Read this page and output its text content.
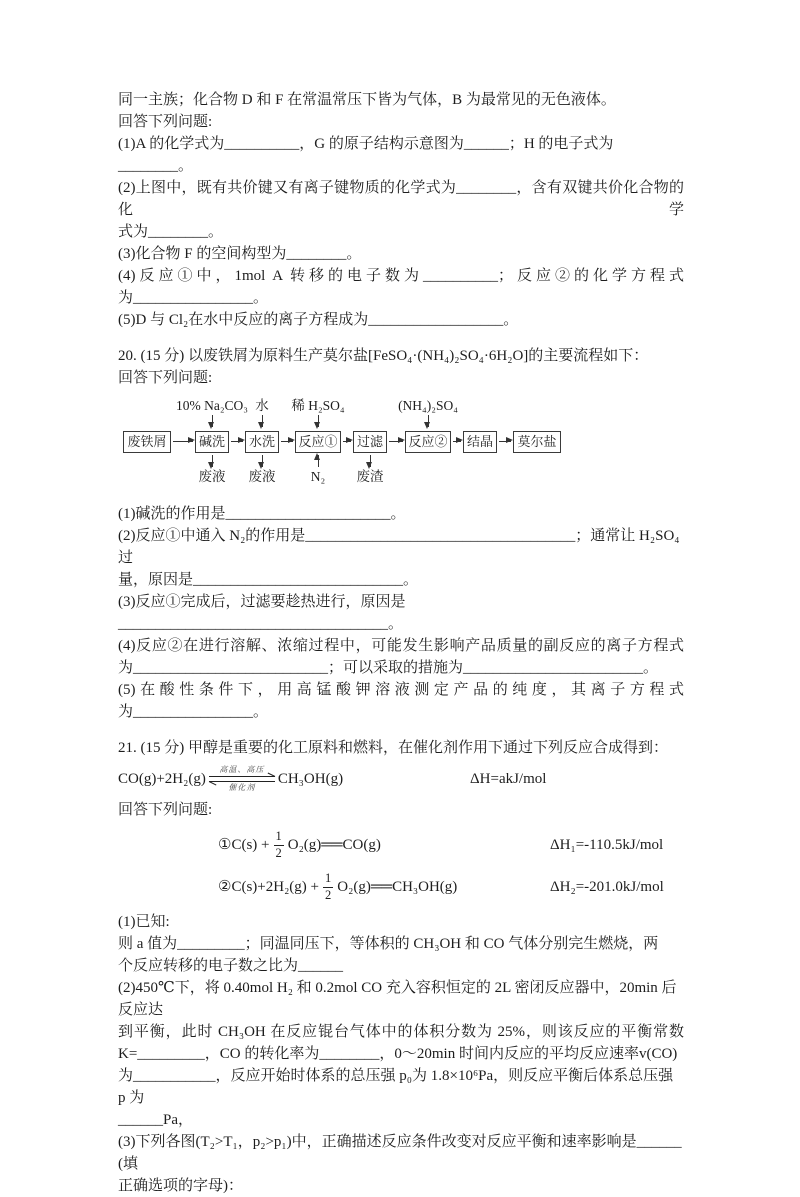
同一主族；化合物 D 和 F 在常温常压下皆为气体，B 为最常见的无色液体。

回答下列问题:

(1)A 的化学式为__________，G 的原子结构示意图为______；H 的电子式为________。

(2)上图中，既有共价键又有离子键物质的化学式为________，含有双键共价化合物的化学

式为________。

(3)化合物 F 的空间构型为________。

(4)反应①中，1mol A 转移的电子数为__________；反应②的化学方程式

为________________。

(5)D 与 Cl₂在水中反应的离子方程成为__________________。

20. (15 分) 以废铁屑为原料生产莫尔盐[FeSO₄·(NH₄)₂SO₄·6H₂O]的主要流程如下：

回答下列问题:

10% Na₂CO₃ 水 稀 H₂SO₄	(NH₄)₂SO₄
废铁屑	碱洗	水洗	反应①	过滤	反应②	结晶	莫尔盐
废液 废液	N₂ 废渣

(1)碱洗的作用是______________________。

(2)反应①中通入 N₂的作用是____________________________________；通常让 H₂SO₄过

量，原因是____________________________。

(3)反应①完成后，过滤要趁热进行，原因是____________________________________。

(4)反应②在进行溶解、浓缩过程中，可能发生影响产品质量的副反应的离子方程式

为__________________________；可以采取的措施为________________________。

(5)在酸性条件下，用高锰酸钾溶液测定产品的纯度，其离子方程式

为________________。

21. (15 分) 甲醇是重要的化工原料和燃料，在催化剂作用下通过下列反应合成得到：

CO(g)+2H₂(g)
高温、高压
催化剂
CH₃OH(g)	ΔH=akJ/mol

回答下列问题:

①C(s) + $\frac{1}{2}$ O₂(g)══CO(g)	ΔH₁=-110.5kJ/mol
②C(s)+2H₂(g) + $\frac{1}{2}$ O₂(g)══CH₃OH(g)	ΔH₂=-201.0kJ/mol

(1)已知:

则 a 值为_________；同温同压下，等体积的 CH₃OH 和 CO 气体分别完生燃烧，两

个反应转移的电子数之比为______

(2)450℃下，将 0.40mol H₂ 和 0.2mol CO 充入容积恒定的 2L 密闭反应器中，20min 后反应达

到平衡，此时 CH₃OH 在反应锟台气体中的体积分数为 25%，则该反应的平衡常数

K=_________，CO 的转化率为________，0～20min 时间内反应的平均反应速率v(CO)

为___________，反应开始时体系的总压强 p₀为 1.8×10⁶Pa，则反应平衡后体系总压强 p 为

______Pa，

(3)下列各图(T₂>T₁，p₂>p₁)中，正确描述反应条件改变对反应平衡和速率影响是______ (填

正确选项的字母)：
